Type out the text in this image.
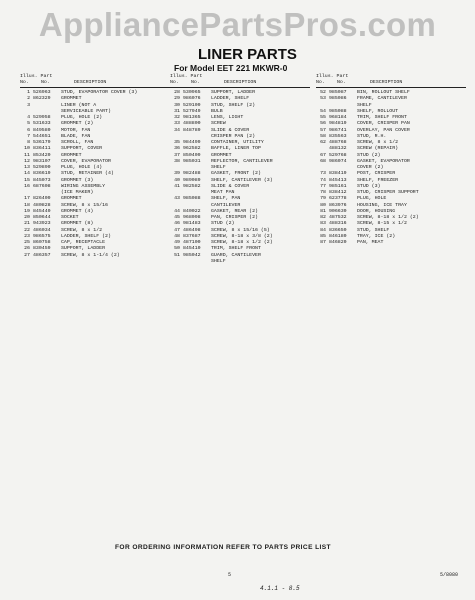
AppliancePartsPros.com
LINER PARTS
For Model EET 221 MKWR-0
Illus. Part
No. No.	DESCRIPTION
1 526963 STUD, EVAPORATOR COVER (3)
2 862329 GROMMET
3	LINER (NOT A
SERVICEABLE PART)
4 529958 PLUG, HOLE (2)
5 531633 GROMMET (2)
6 849580 MOTOR, FAN
7 544651 BLADE, FAN
8 536179 SCROLL, FAN
10 836411 SUPPORT, COVER
11 853420 GROMMET
12 983107 COVER, EVAPORATOR
13 529890 PLUG, HOLE (4)
14 836619 STUD, RETAINER (4)
15 845073 GROMMET (3)
16 687608 WIRING ASSEMBLY
(ICE MAKER)
17 826409 GROMMET
18 480828 SCREW, 8 x 15/16
19 845440 GROMMET (4)
20 850644 SOCKET
21 943923 GROMMET (8)
22 486034 SCREW, 8 x 1/2
23 986575 LADDER, SHELF (2)
25 860758 CAP, RECEPTACLE
26 830459 SUPPORT, LADDER
27 486357 SCREW, 8 x 1-1/4 (2)
Illus. Part
No. No.	DESCRIPTION
28 530965 SUPPORT, LADDER
29 986076 LADDER, SHELF
30 529109 STUD, SHELF (2)
31 527949 BULB
32 981365 LENS, LIGHT
33 488800 SCREW
34 848789 SLIDE & COVER
CRISPER PAN (2)
35 984499 CONTAINER, UTILITY
36 962582 BAFFLE, LINER TOP
37 850409 GROMMET
38 985031 REFLECTOR, CANTILEVER
SHELF
39 982488 GASKET, FRONT (2)
40 989089 SHELF, CANTILEVER (3)
41 982582 SLIDE & COVER
MEAT PAN
43 985088 SHELF, PAN
CANTILEVER
44 840022 GASKET, REAR (2)
45 968098 PAN, CRISPER (2)
46 981483 STUD (2)
47 486498 SCREW, 8 x 15/16 (5)
48 837687 SCREW, 8-18 x 3/8 (2)
49 487100 SCREW, 8-18 x 1/2 (2)
50 845410 TRIM, SHELF FRONT
51 985042 GUARD, CANTILEVER
SHELF
Illus. Part
No. No.	DESCRIPTION
52 985087 BIN, ROLLOUT SHELF
53 985086 FRAME, CANTILEVER
SHELF
54 985088 SHELF, ROLLOUT
55 968184 TRIM, SHELF FRONT
56 984819 COVER, CRISPER PAN
57 986741 OVERLAY, PAN COVER
58 835563 STUD, R.H.
62 488768 SCREW, 8 x 1/2
488132 SCREW (REPAIR)
67 529768 STUD (2)
68 986074 GASKET, EVAPORATOR
COVER (2)
73 838419 POST, CRISPER
74 845413 SHELF, FREEZER
77 985161 STUD (3)
78 838412 STUD, CRISPER SUPPORT
79 623778 PLUG, HOLE
80 863976 HOUSING, ICE TRAY
81 906630 DOOR, HOUSING
82 487532 SCREW, 8-18 x 1/2 (2)
83 488316 SCREW, 8-15 x 1/2
84 836650 STUD, SHELF
85 846180 TRAY, ICE (2)
87 846820 PAN, MEAT
FOR ORDERING INFORMATION REFER TO PARTS PRICE LIST
5	5/8080
4.1.1 - 8.5
